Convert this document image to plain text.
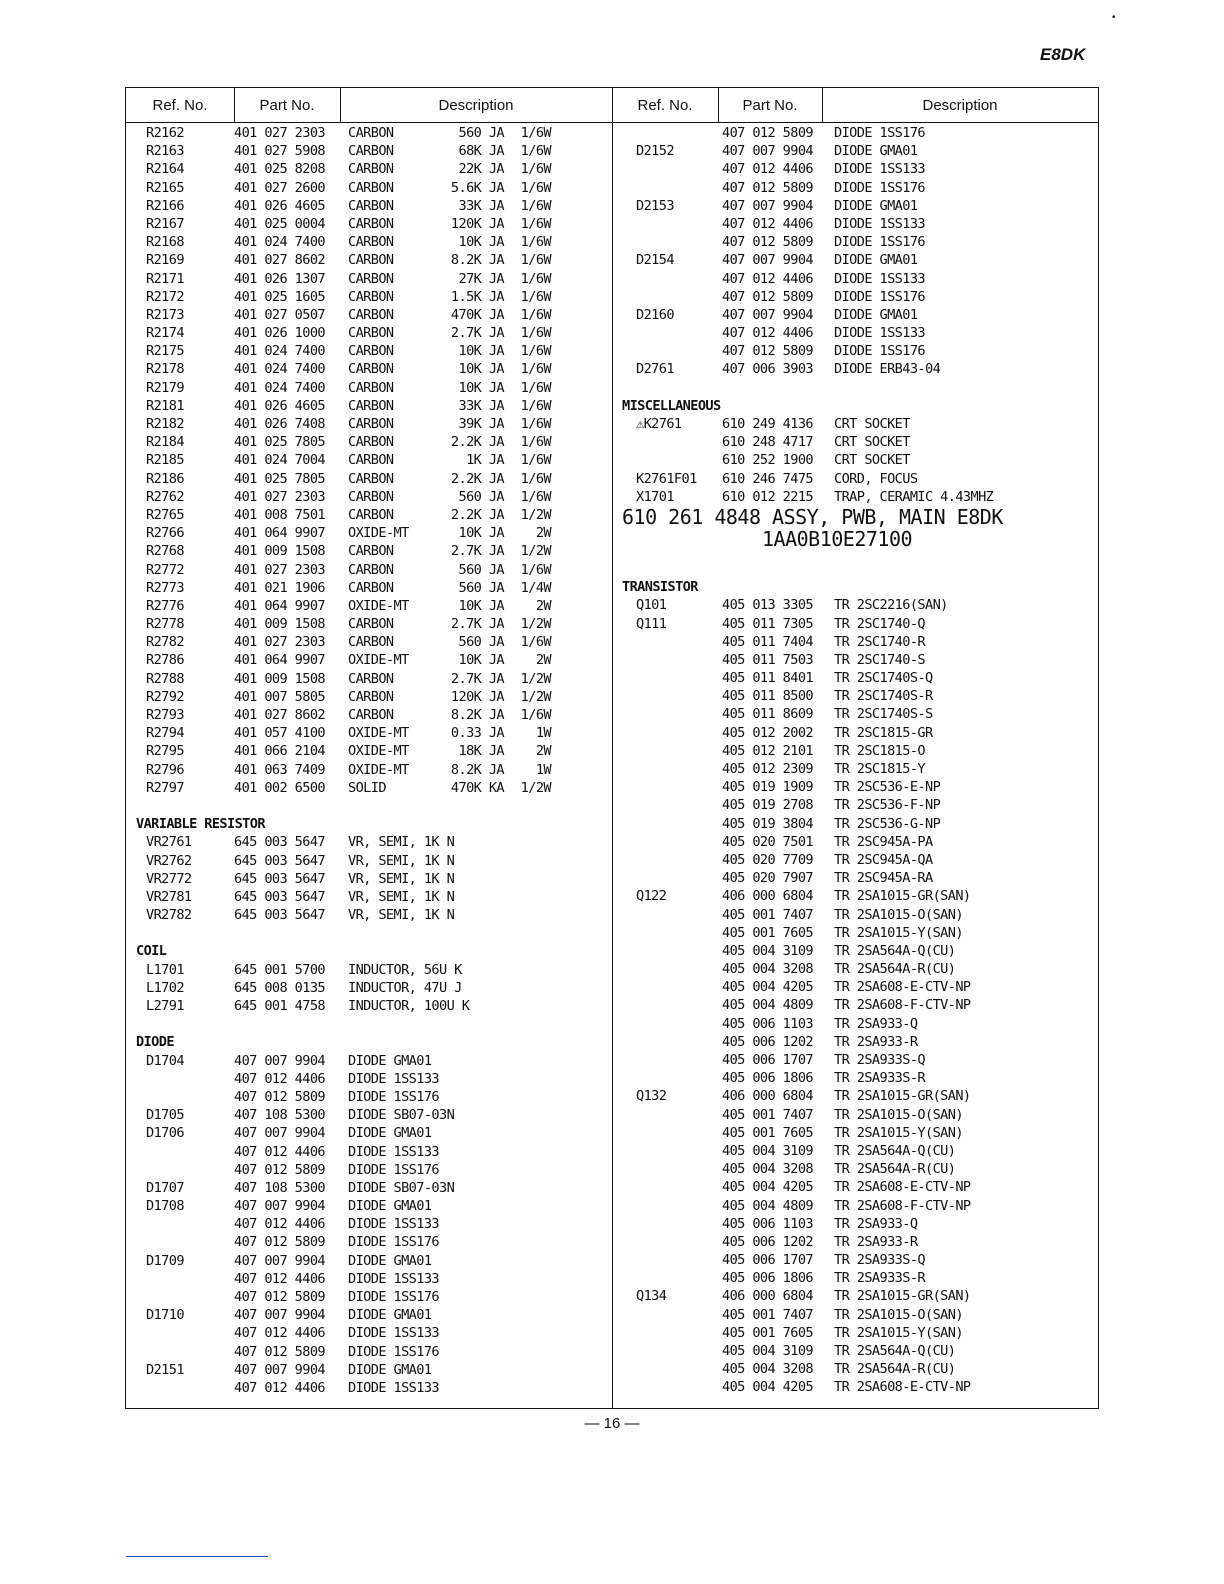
•
E8DK
Ref. No.	Part No.	Description	Ref. No.	Part No.	Description
R2162	401 027 2303 CARBON	560 JA 1/6W
R2163	401 027 5908 CARBON	68K JA 1/6W
R2164	401 025 8208 CARBON	22K JA 1/6W
R2165	401 027 2600 CARBON	5.6K JA 1/6W
R2166	401 026 4605 CARBON	33K JA 1/6W
R2167	401 025 0004 CARBON	120K JA 1/6W
R2168	401 024 7400 CARBON	10K JA 1/6W
R2169	401 027 8602 CARBON	8.2K JA 1/6W
R2171	401 026 1307 CARBON	27K JA 1/6W
R2172	401 025 1605 CARBON	1.5K JA 1/6W
R2173	401 027 0507 CARBON	470K JA 1/6W
R2174	401 026 1000 CARBON	2.7K JA 1/6W
R2175	401 024 7400 CARBON	10K JA 1/6W
R2178	401 024 7400 CARBON	10K JA 1/6W
R2179	401 024 7400 CARBON	10K JA 1/6W
R2181	401 026 4605 CARBON	33K JA 1/6W
R2182	401 026 7408 CARBON	39K JA 1/6W
R2184	401 025 7805 CARBON	2.2K JA 1/6W
R2185	401 024 7004 CARBON	1K JA 1/6W
R2186	401 025 7805 CARBON	2.2K JA 1/6W
R2762	401 027 2303 CARBON	560 JA 1/6W
R2765	401 008 7501 CARBON	2.2K JA 1/2W
R2766	401 064 9907 OXIDE-MT	10K JA 2W
R2768	401 009 1508 CARBON	2.7K JA 1/2W
R2772	401 027 2303 CARBON	560 JA 1/6W
R2773	401 021 1906 CARBON	560 JA 1/4W
R2776	401 064 9907 OXIDE-MT	10K JA 2W
R2778	401 009 1508 CARBON	2.7K JA 1/2W
R2782	401 027 2303 CARBON	560 JA 1/6W
R2786	401 064 9907 OXIDE-MT	10K JA 2W
R2788	401 009 1508 CARBON	2.7K JA 1/2W
R2792	401 007 5805 CARBON	120K JA 1/2W
R2793	401 027 8602 CARBON	8.2K JA 1/6W
R2794	401 057 4100 OXIDE-MT	0.33 JA 1W
R2795	401 066 2104 OXIDE-MT	18K JA 2W
R2796	401 063 7409 OXIDE-MT	8.2K JA 1W
R2797	401 002 6500 SOLID	470K KA 1/2W
VARIABLE RESISTOR
VR2761	645 003 5647 VR, SEMI, 1K N
VR2762	645 003 5647 VR, SEMI, 1K N
VR2772	645 003 5647 VR, SEMI, 1K N
VR2781	645 003 5647 VR, SEMI, 1K N
VR2782	645 003 5647 VR, SEMI, 1K N
COIL
L1701	645 001 5700 INDUCTOR, 56U K
L1702	645 008 0135 INDUCTOR, 47U J
L2791	645 001 4758 INDUCTOR, 100U K
DIODE
D1704	407 007 9904 DIODE GMA01
407 012 4406 DIODE 1SS133
407 012 5809 DIODE 1SS176
D1705	407 108 5300 DIODE SB07-03N
D1706	407 007 9904 DIODE GMA01
407 012 4406 DIODE 1SS133
407 012 5809 DIODE 1SS176
D1707	407 108 5300 DIODE SB07-03N
D1708	407 007 9904 DIODE GMA01
407 012 4406 DIODE 1SS133
407 012 5809 DIODE 1SS176
D1709	407 007 9904 DIODE GMA01
407 012 4406 DIODE 1SS133
407 012 5809 DIODE 1SS176
D1710	407 007 9904 DIODE GMA01
407 012 4406 DIODE 1SS133
407 012 5809 DIODE 1SS176
D2151	407 007 9904 DIODE GMA01
407 012 4406 DIODE 1SS133
407 012 5809 DIODE 1SS176
D2152	407 007 9904 DIODE GMA01
407 012 4406 DIODE 1SS133
407 012 5809 DIODE 1SS176
D2153	407 007 9904 DIODE GMA01
407 012 4406 DIODE 1SS133
407 012 5809 DIODE 1SS176
D2154	407 007 9904 DIODE GMA01
407 012 4406 DIODE 1SS133
407 012 5809 DIODE 1SS176
D2160	407 007 9904 DIODE GMA01
407 012 4406 DIODE 1SS133
407 012 5809 DIODE 1SS176
D2761	407 006 3903 DIODE ERB43-04
MISCELLANEOUS
⚠K2761	610 249 4136 CRT SOCKET
610 248 4717 CRT SOCKET
610 252 1900 CRT SOCKET
K2761F01 610 246 7475 CORD, FOCUS
X1701	610 012 2215 TRAP, CERAMIC 4.43MHZ
610 261 4848 ASSY, PWB, MAIN E8DK
1AA0B10E27100
TRANSISTOR
Q101	405 013 3305 TR 2SC2216(SAN)
Q111	405 011 7305 TR 2SC1740-Q
405 011 7404 TR 2SC1740-R
405 011 7503 TR 2SC1740-S
405 011 8401 TR 2SC1740S-Q
405 011 8500 TR 2SC1740S-R
405 011 8609 TR 2SC1740S-S
405 012 2002 TR 2SC1815-GR
405 012 2101 TR 2SC1815-O
405 012 2309 TR 2SC1815-Y
405 019 1909 TR 2SC536-E-NP
405 019 2708 TR 2SC536-F-NP
405 019 3804 TR 2SC536-G-NP
405 020 7501 TR 2SC945A-PA
405 020 7709 TR 2SC945A-QA
405 020 7907 TR 2SC945A-RA
Q122	406 000 6804 TR 2SA1015-GR(SAN)
405 001 7407 TR 2SA1015-O(SAN)
405 001 7605 TR 2SA1015-Y(SAN)
405 004 3109 TR 2SA564A-Q(CU)
405 004 3208 TR 2SA564A-R(CU)
405 004 4205 TR 2SA608-E-CTV-NP
405 004 4809 TR 2SA608-F-CTV-NP
405 006 1103 TR 2SA933-Q
405 006 1202 TR 2SA933-R
405 006 1707 TR 2SA933S-Q
405 006 1806 TR 2SA933S-R
Q132	406 000 6804 TR 2SA1015-GR(SAN)
405 001 7407 TR 2SA1015-O(SAN)
405 001 7605 TR 2SA1015-Y(SAN)
405 004 3109 TR 2SA564A-Q(CU)
405 004 3208 TR 2SA564A-R(CU)
405 004 4205 TR 2SA608-E-CTV-NP
405 004 4809 TR 2SA608-F-CTV-NP
405 006 1103 TR 2SA933-Q
405 006 1202 TR 2SA933-R
405 006 1707 TR 2SA933S-Q
405 006 1806 TR 2SA933S-R
Q134	406 000 6804 TR 2SA1015-GR(SAN)
405 001 7407 TR 2SA1015-O(SAN)
405 001 7605 TR 2SA1015-Y(SAN)
405 004 3109 TR 2SA564A-Q(CU)
405 004 3208 TR 2SA564A-R(CU)
405 004 4205 TR 2SA608-E-CTV-NP
— 16 —
